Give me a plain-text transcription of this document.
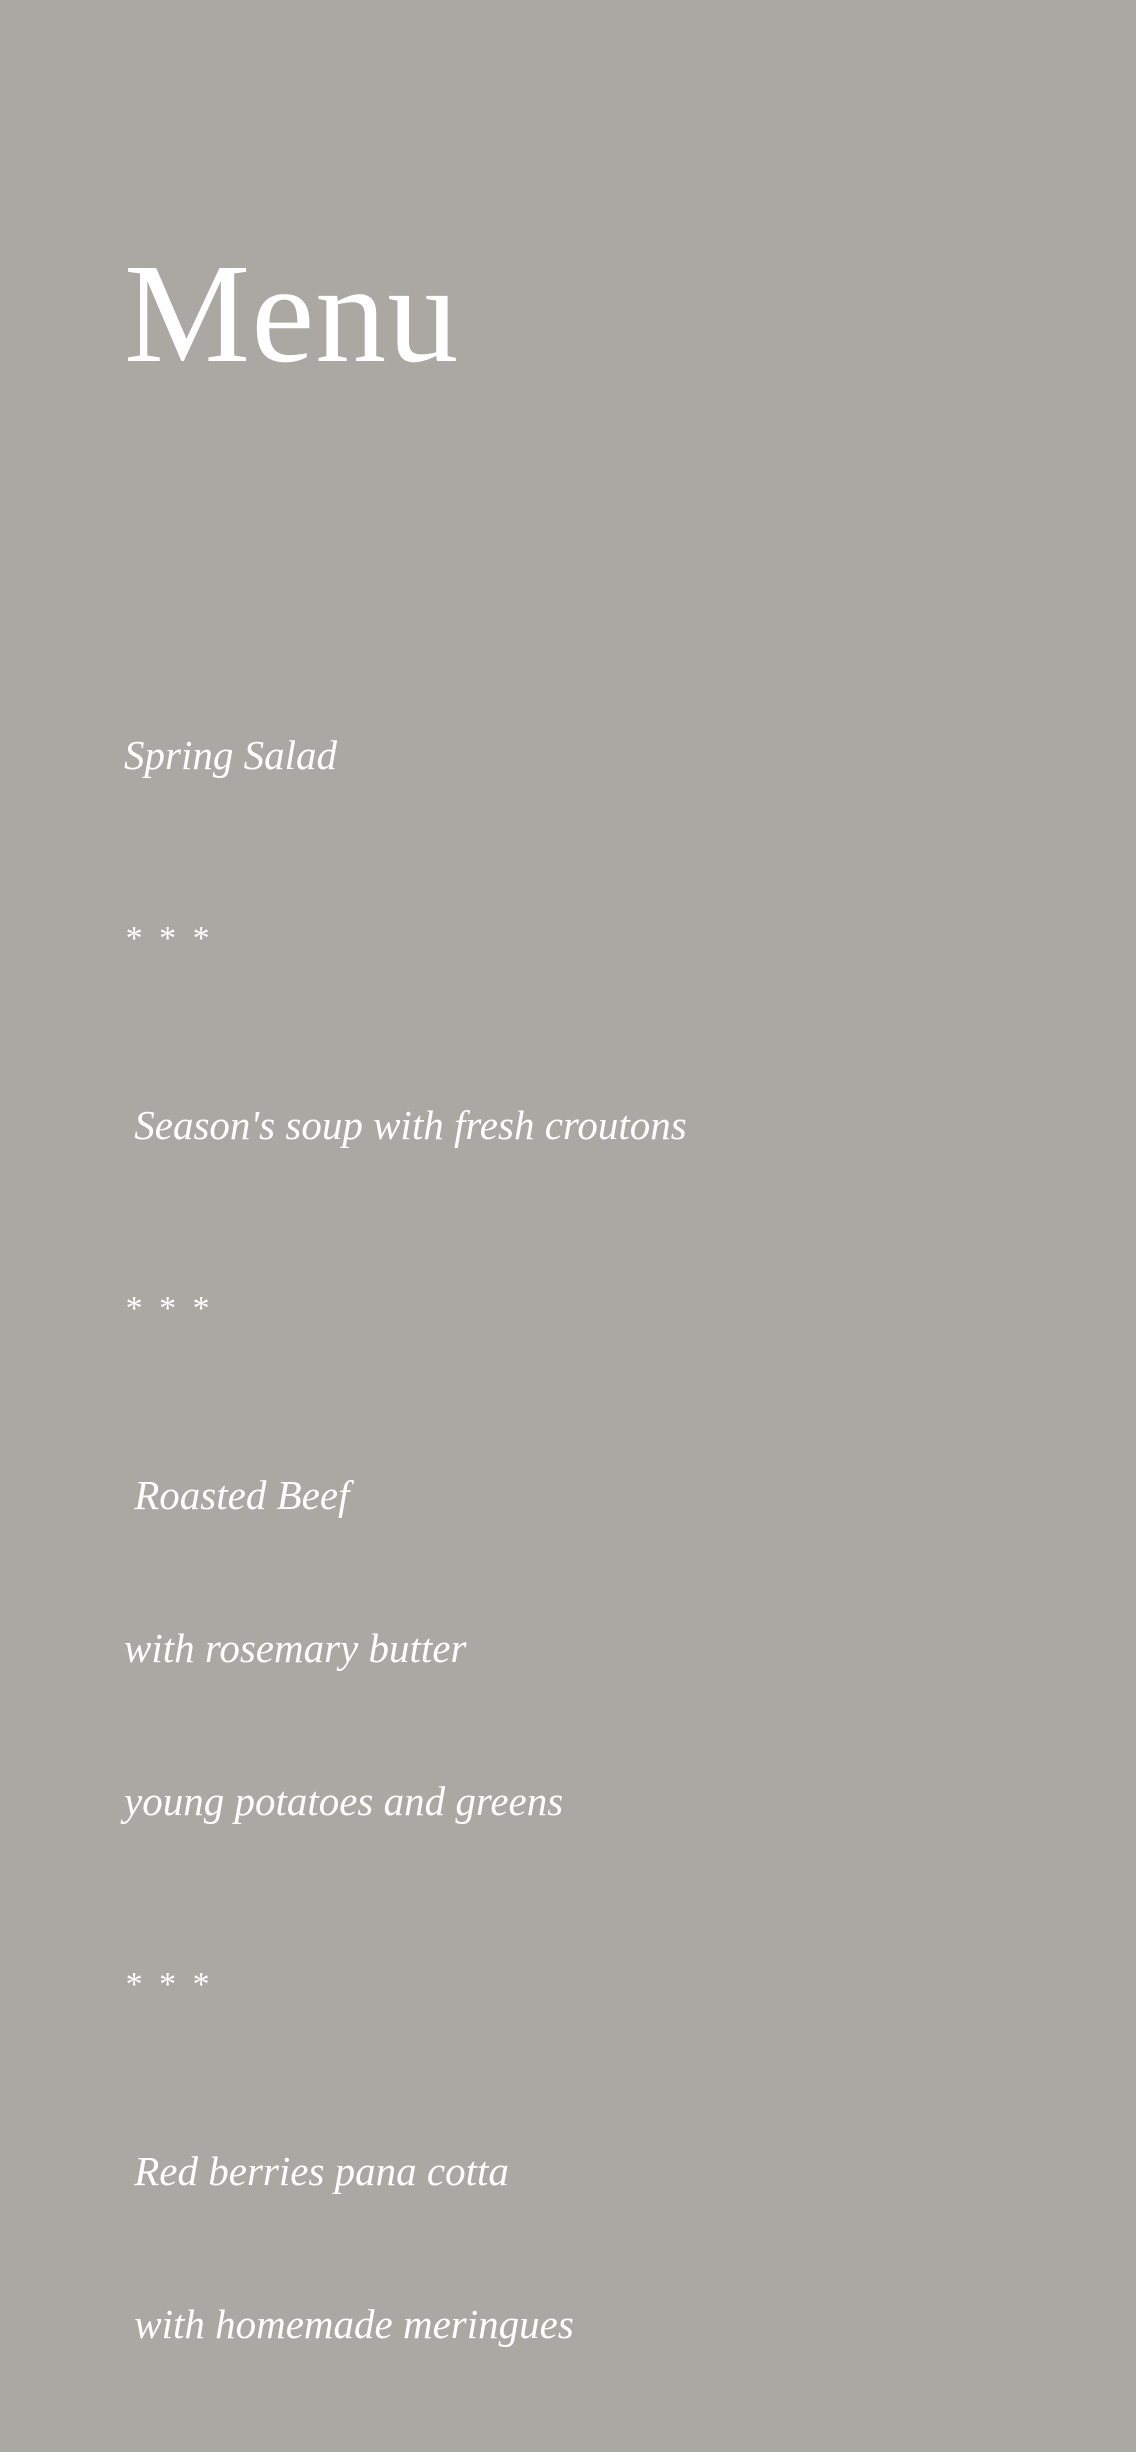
Menu

Spring Salad

* * *

Season's soup with fresh croutons

* * *

Roasted Beef

with rosemary butter

young potatoes and greens

* * *

Red berries pana cotta

with homemade meringues
